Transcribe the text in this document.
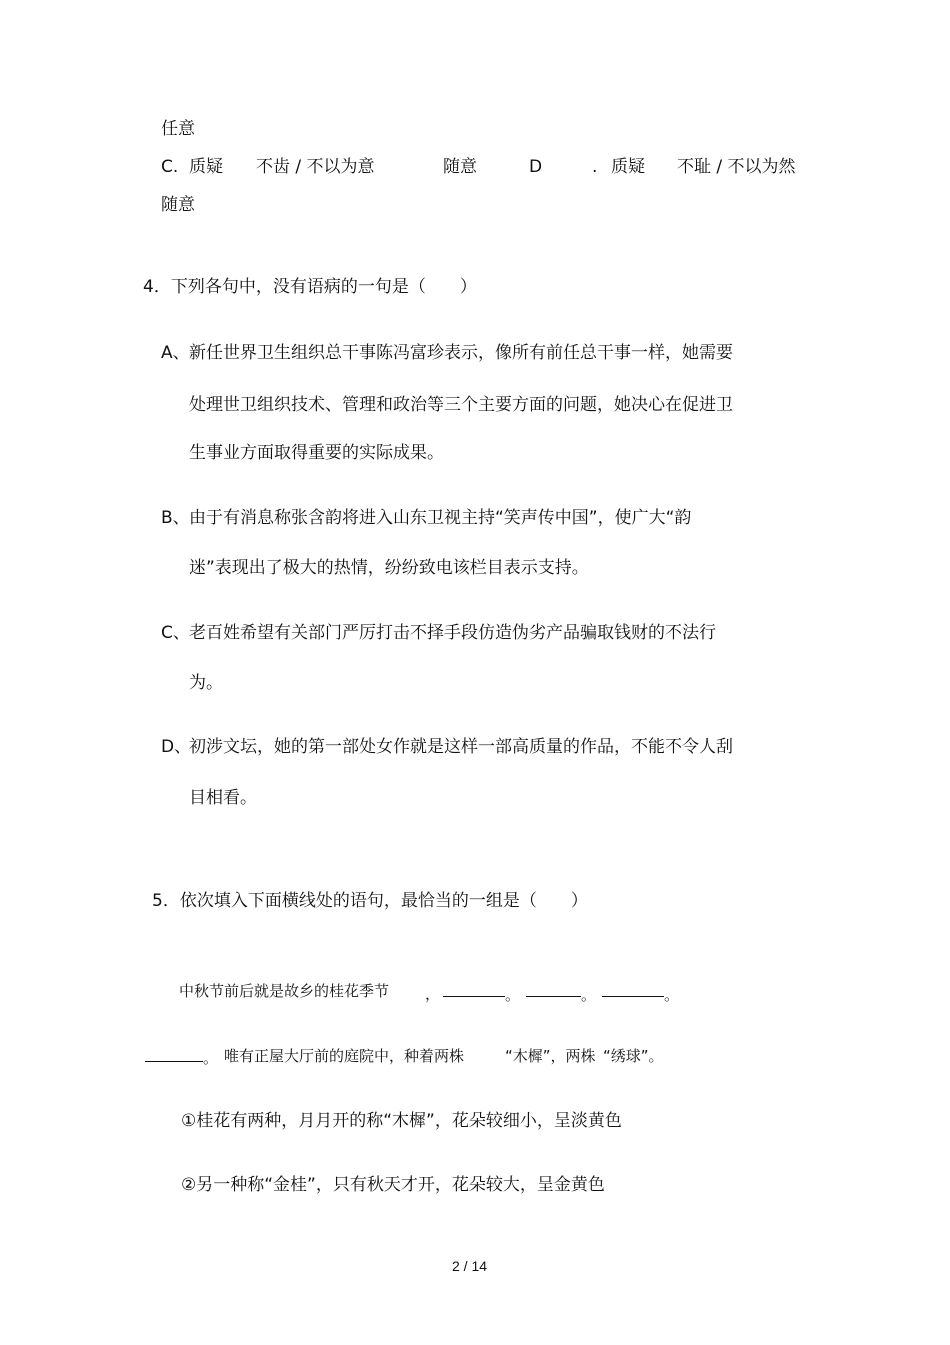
任意
C. 质疑 不齿 / 不以为意	随意	D	. 质疑 不耻 / 不以为然
随意
4．下列各句中，没有语病的一句是（　　）
A、 新任世界卫生组织总干事陈冯富珍表示，像所有前任总干事一样，她需要
处理世卫组织技术、管理和政治等三个主要方面的问题，她决心在促进卫
生事业方面取得重要的实际成果。
B、 由于有消息称张含韵将进入山东卫视主持“笑声传中国”，使广大“韵
迷”表现出了极大的热情，纷纷致电该栏目表示支持。
C、 老百姓希望有关部门严厉打击不择手段仿造伪劣产品骗取钱财的不法行
为。
D、
初涉文坛，她的第一部处女作就是这样一部高质量的作品，不能不令人刮
目相看。
5．依次填入下面横线处的语句，最恰当的一组是（　　）
中秋节前后就是故乡的桂花季节 ，	。	。	。
。 唯有正屋大厅前的庭院中，种着两株	“木樨”，两株 “绣球”。
①桂花有两种，月月开的称“木樨”，花朵较细小，呈淡黄色
②另一种称“金桂”，只有秋天才开，花朵较大，呈金黄色
2 / 14
